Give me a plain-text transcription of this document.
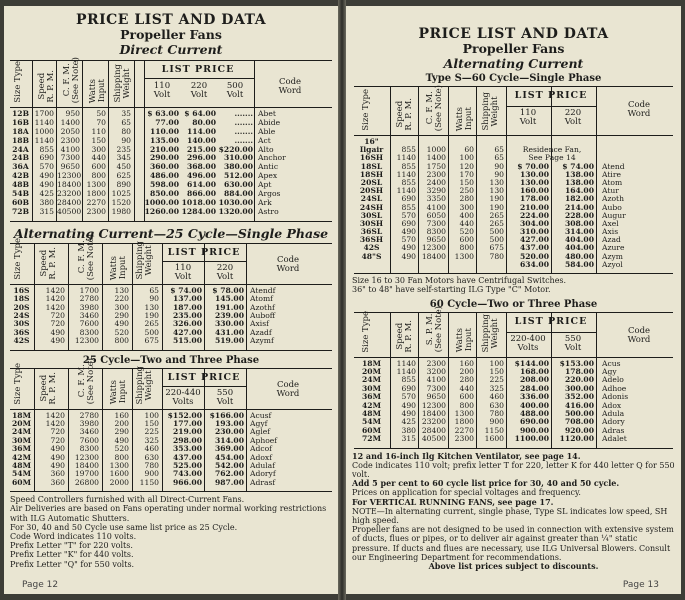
PRICE LIST AND DATA

Propeller Fans

Direct Current

Size Type Speed
R. P. M.
C. F. M.
(See Note)
Watts
Input Shipping
Weight	LIST PRICE
110
Volt
220
Volt
500
Volt
Code
Word
12B 1700	950	50	35	$ 63.00 $ 64.00	....... Abet
16B 1140 1400	70	65	77.00	80.00	....... Abide
18A 1000 2050	110	80	110.00	114.00	....... Able
18B 1140 2300	150	90	135.00	140.00	....... Act
24A	855 4100	300	235	210.00	215.00 $220.00 Alto
24B	690 7300	440	345	290.00	296.00	310.00 Anchor
36A	570 9650	600	450	360.00	368.00	380.00 Antic
42B	490 12300	800	625	486.00	496.00	512.00 Apex
48B	490 18400 1300	890	598.00	614.00	630.00 Apt
54B	425 23200 1800 1025	850.00	866.00	884.00 Argos
60B	380 28400 2270 1520 1000.00 1018.00 1030.00 Ark
72B	315 40500 2300 1980 1260.00 1284.00 1320.00 Astro

Alternating Current—25 Cycle—Single Phase

Size Type Speed
R. P. M.
C. F. M.
(See Note)
Watts
Input Shipping
Weight	LIST PRICE
110
Volt
220
Volt
Code
Word
16S	1420	1700	130	65	$ 74.00	$ 78.00 Atendf
18S	1420	2780	220	90	137.00	145.00 Atomf
20S	1420	3980	300	130	187.00	191.00 Azothf
24S	720	3460	290	190	235.00	239.00 Auboff
30S	720	7600	490	265	326.00	330.00 Axisf
36S	490	8300	520	500	427.00	431.00 Azadf
42S	490	12300	800	675	515.00	519.00 Azymf

25 Cycle—Two and Three Phase

Size Type Speed
R. P. M.
C. F. M.
(See Note)
Watts
Input Shipping
Weight	LIST PRICE
220-440
Volts
550
Volt
Code
Word
18M	1420	2780	160	100	$152.00	$166.00 Acusf
20M	1420	3980	200	150	177.00	193.00 Agyf
24M	720	3460	290	225	219.00	230.00 Aglef
30M	720	7600	490	325	298.00	314.00 Aphoef
36M	490	8300	520	460	353.00	369.00 Adcof
42M	490	12300	800	630	437.00	454.00 Adoxf
48M	490	18400	1300	780	525.00	542.00 Adulaf
54M	360	19700	1600	900	743.00	762.00 Adoryf
60M	360	26800	2000	1150	966.00	987.00 Adrasf

Speed Controllers furnished with all Direct-Current Fans.

Air Deliveries are based on Fans operating under normal working restrictions with ILG Automatic Shutters.

For 30, 40 and 50 Cycle use same list price as 25 Cycle.

Code Word indicates 110 volts.

Prefix Letter "T" for 220 volts.

Prefix Letter "K" for 440 volts.

Prefix Letter "Q" for 550 volts.

Page 12

PRICE LIST AND DATA

Propeller Fans

Alternating Current

Type S—60 Cycle—Single Phase

Size Type	Speed
R. P. M.
C. F. M.
(See Note)
Watts
Input Shipping
Weight
LIST PRICE
110
Volt
220
Volt
Code
Word
16"
Ilgair	855	1000	60	65	Residence Fan,
16SH	1140	1400	100	65	See Page 14
18SL	855	1750	120	90	$ 70.00	$ 74.00 Atend
18SH	1140	2300	170	90	130.00	138.00 Atire
20SL	855	2400	150	130	130.00	138.00 Atom
20SH	1140	3290	250	130	160.00	164.00 Atur
24SL	690	3350	280	190	178.00	182.00 Azoth
24SH	855	4100	300	190	210.00	214.00 Aubo
30SL	570	6050	400	265	224.00	228.00 Augur
30SH	690	7300	440	265	304.00	308.00 Axel
36SL	490	8300	520	500	310.00	314.00 Axis
36SH	570	9650	600	500	427.00	404.00 Azad
42S	490 12300	800	675	437.00	404.00 Azure
48"S	490 18400	1300	780	520.00	480.00 Azym
634.00	584.00 Azyol

Size 16 to 30 Fan Motors have Centrifugal Switches.

36" to 48" have self-starting ILG Type "C" Motor.

60 Cycle—Two or Three Phase

Size Type	Speed
R. P. M.
S. P. M.
(See Note)
Watts
Input Shipping
Weight	LIST PRICE
220-400
Volts
550
Volt
Code
Word
18M	1140	2300	160	100	$144.00	$153.00 Acus
20M	1140	3200	200	150	168.00	178.00 Agy
24M	855	4100	280	225	208.00	220.00 Adelo
30M	690	7300	440	325	284.00	300.00 Adhoe
36M	570	9650	600	460	336.00	352.00 Adonis
42M	490 12300	800	630	400.00	416.00 Adox
48M	490 18400	1300	780	488.00	500.00 Adula
54M	425 23200	1800	900	690.00	708.00 Adory
60M	380 28400	2270	1150	900.00	920.00 Adras
72M	315 40500	2300	1600	1100.00	1120.00 Adalet

12 and 16-inch Ilg Kitchen Ventilator, see page 14.

Code indicates 110 volt; prefix letter T for 220, letter K for 440 letter Q for 550 volt.

Add 5 per cent to 60 cycle list price for 30, 40 and 50 cycle.

Prices on application for special voltages and frequency.

For VERTICAL RUNNING FANS, see page 17.

NOTE—In alternating current, single phase, Type SL indicates low speed, SH high speed.

Propeller fans are not designed to be used in connection with extensive system of ducts, flues or pipes, or to deliver air against greater than ¼" static pressure. If ducts and flues are necessary, use ILG Universal Blowers. Consult our Engineering Department for recommendations.

Above list prices subject to discounts.

Page 13
